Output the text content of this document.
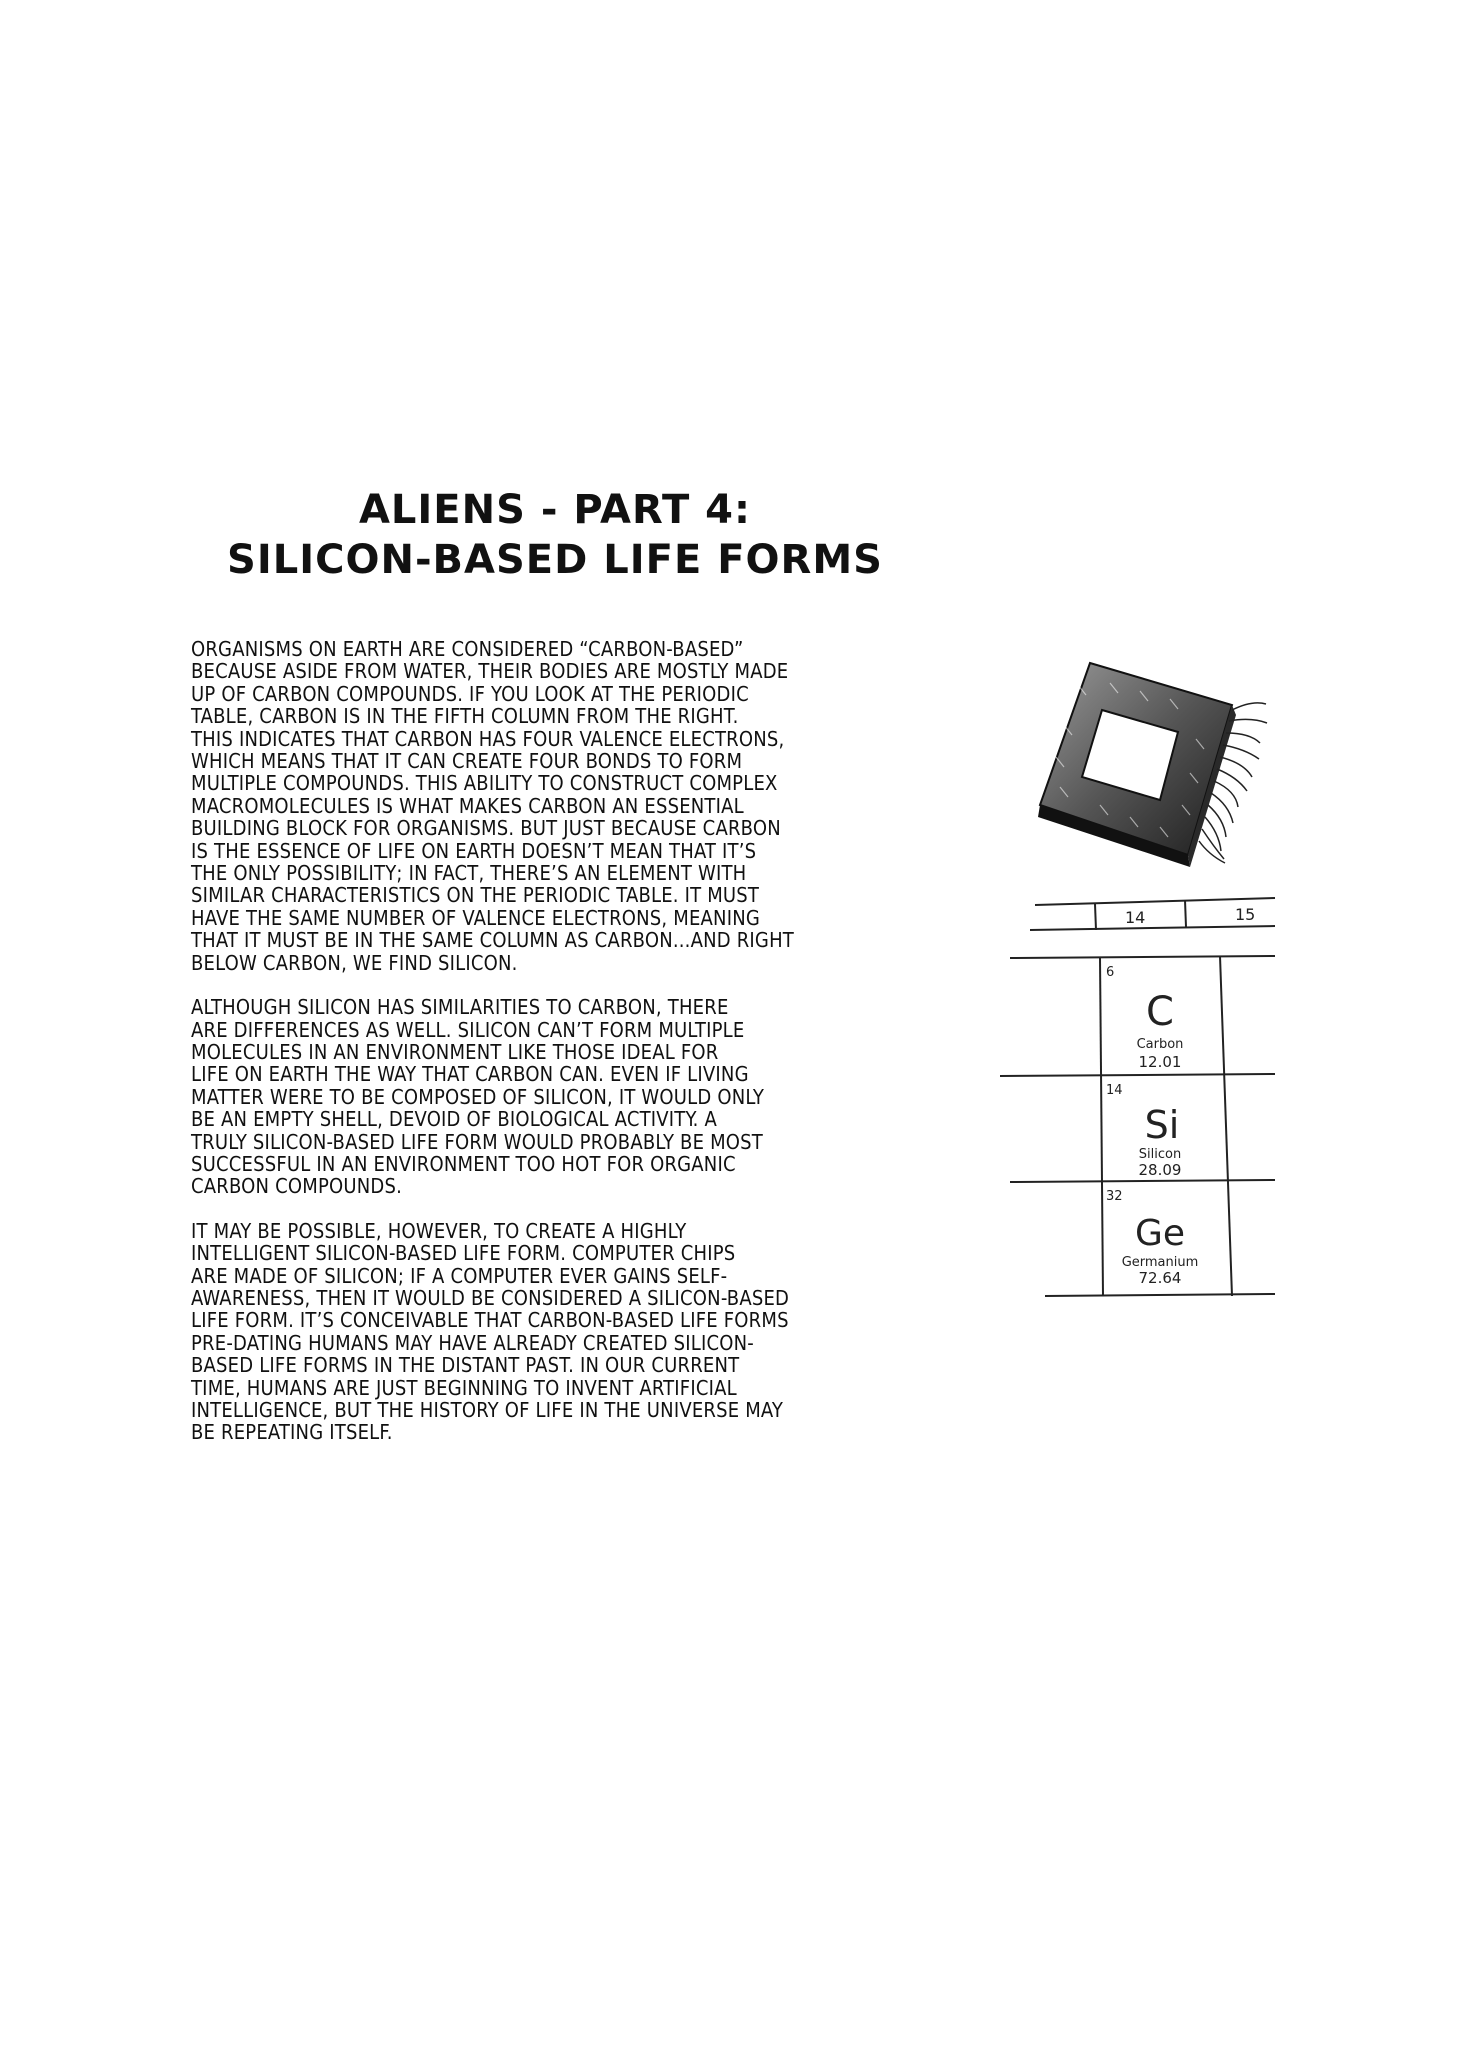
ALIENS - PART 4:
SILICON-BASED LIFE FORMS
ORGANISMS ON EARTH ARE CONSIDERED “CARBON-BASED”
BECAUSE ASIDE FROM WATER, THEIR BODIES ARE MOSTLY MADE
UP OF CARBON COMPOUNDS. IF YOU LOOK AT THE PERIODIC
TABLE, CARBON IS IN THE FIFTH COLUMN FROM THE RIGHT.
THIS INDICATES THAT CARBON HAS FOUR VALENCE ELECTRONS,
WHICH MEANS THAT IT CAN CREATE FOUR BONDS TO FORM
MULTIPLE COMPOUNDS. THIS ABILITY TO CONSTRUCT COMPLEX
MACROMOLECULES IS WHAT MAKES CARBON AN ESSENTIAL
BUILDING BLOCK FOR ORGANISMS. BUT JUST BECAUSE CARBON
IS THE ESSENCE OF LIFE ON EARTH DOESN’T MEAN THAT IT’S
THE ONLY POSSIBILITY; IN FACT, THERE’S AN ELEMENT WITH
SIMILAR CHARACTERISTICS ON THE PERIODIC TABLE. IT MUST
HAVE THE SAME NUMBER OF VALENCE ELECTRONS, MEANING
THAT IT MUST BE IN THE SAME COLUMN AS CARBON...AND RIGHT
BELOW CARBON, WE FIND SILICON.
ALTHOUGH SILICON HAS SIMILARITIES TO CARBON, THERE
ARE DIFFERENCES AS WELL. SILICON CAN’T FORM MULTIPLE
MOLECULES IN AN ENVIRONMENT LIKE THOSE IDEAL FOR
LIFE ON EARTH THE WAY THAT CARBON CAN. EVEN IF LIVING
MATTER WERE TO BE COMPOSED OF SILICON, IT WOULD ONLY
BE AN EMPTY SHELL, DEVOID OF BIOLOGICAL ACTIVITY. A
TRULY SILICON-BASED LIFE FORM WOULD PROBABLY BE MOST
SUCCESSFUL IN AN ENVIRONMENT TOO HOT FOR ORGANIC
CARBON COMPOUNDS.
IT MAY BE POSSIBLE, HOWEVER, TO CREATE A HIGHLY
INTELLIGENT SILICON-BASED LIFE FORM. COMPUTER CHIPS
ARE MADE OF SILICON; IF A COMPUTER EVER GAINS SELF-
AWARENESS, THEN IT WOULD BE CONSIDERED A SILICON-BASED
LIFE FORM. IT’S CONCEIVABLE THAT CARBON-BASED LIFE FORMS
PRE-DATING HUMANS MAY HAVE ALREADY CREATED SILICON-
BASED LIFE FORMS IN THE DISTANT PAST. IN OUR CURRENT
TIME, HUMANS ARE JUST BEGINNING TO INVENT ARTIFICIAL
INTELLIGENCE, BUT THE HISTORY OF LIFE IN THE UNIVERSE MAY
BE REPEATING ITSELF.
14	15
6
C
Carbon
12.01
14
Si
Silicon
28.09
32
Ge
Germanium
72.64
